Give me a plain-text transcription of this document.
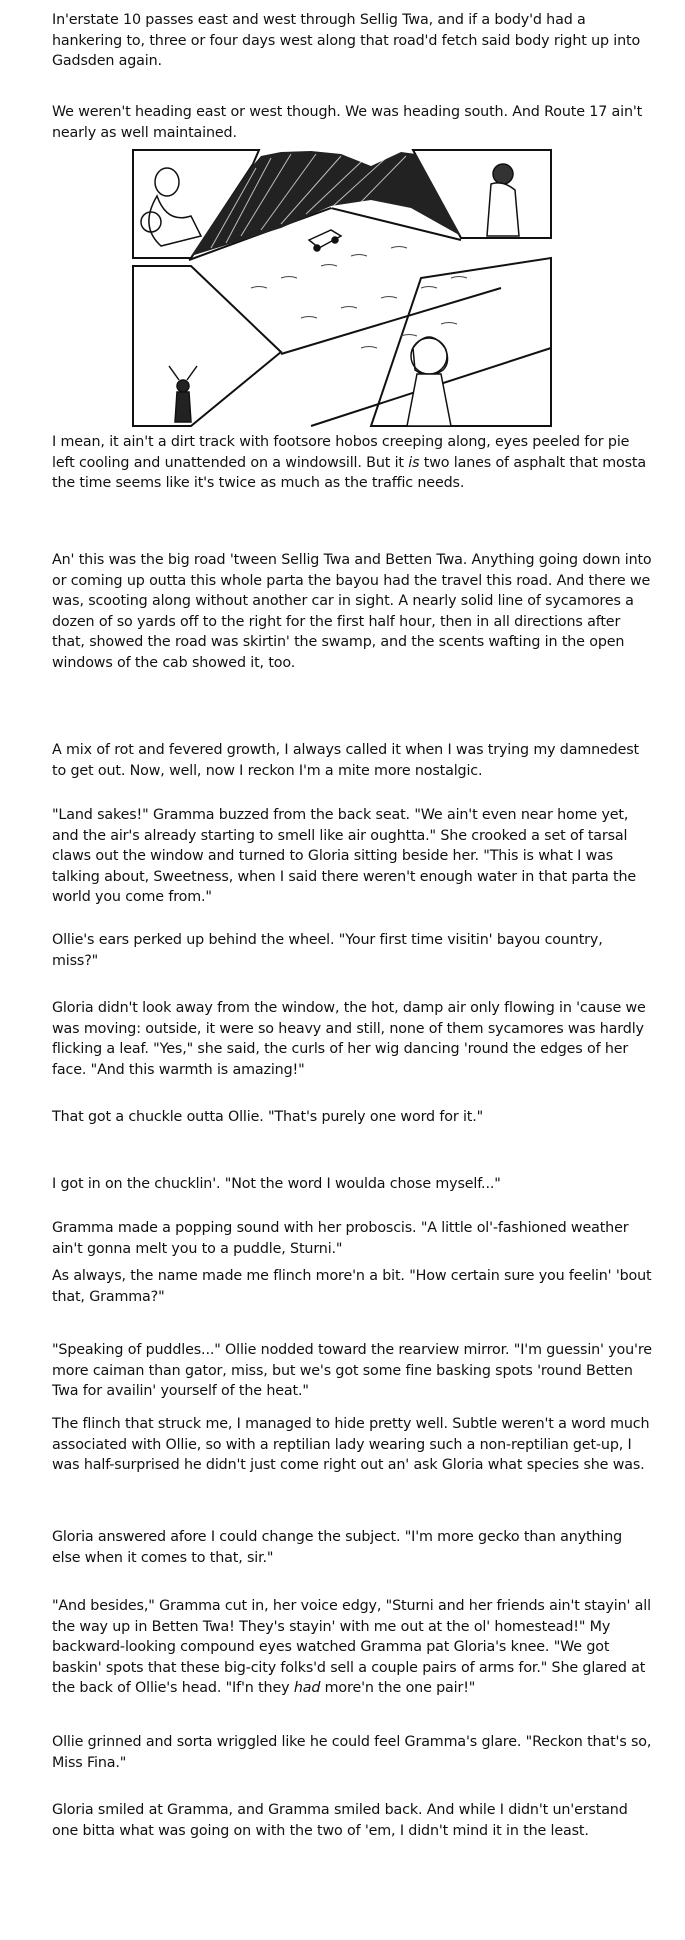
In'erstate 10 passes east and west through Sellig Twa, and if a body'd had a hankering to, three or four days west along that road'd fetch said body right up into Gadsden again.

We weren't heading east or west though. We was heading south. And Route 17 ain't nearly as well maintained.

I mean, it ain't a dirt track with footsore hobos creeping along, eyes peeled for pie left cooling and unattended on a windowsill. But it is two lanes of asphalt that mosta the time seems like it's twice as much as the traffic needs.

An' this was the big road 'tween Sellig Twa and Betten Twa. Anything going down into or coming up outta this whole parta the bayou had the travel this road. And there we was, scooting along without another car in sight. A nearly solid line of sycamores a dozen of so yards off to the right for the first half hour, then in all directions after that, showed the road was skirtin' the swamp, and the scents wafting in the open windows of the cab showed it, too.

A mix of rot and fevered growth, I always called it when I was trying my damnedest to get out. Now, well, now I reckon I'm a mite more nostalgic.

"Land sakes!" Gramma buzzed from the back seat. "We ain't even near home yet, and the air's already starting to smell like air oughtta." She crooked a set of tarsal claws out the window and turned to Gloria sitting beside her. "This is what I was talking about, Sweetness, when I said there weren't enough water in that parta the world you come from."

Ollie's ears perked up behind the wheel. "Your first time visitin' bayou country, miss?"

Gloria didn't look away from the window, the hot, damp air only flowing in 'cause we was moving: outside, it were so heavy and still, none of them sycamores was hardly flicking a leaf. "Yes," she said, the curls of her wig dancing 'round the edges of her face. "And this warmth is amazing!"

That got a chuckle outta Ollie. "That's purely one word for it."

I got in on the chucklin'. "Not the word I woulda chose myself..."

Gramma made a popping sound with her proboscis. "A little ol'-fashioned weather ain't gonna melt you to a puddle, Sturni."

As always, the name made me flinch more'n a bit. "How certain sure you feelin' 'bout that, Gramma?"

"Speaking of puddles..." Ollie nodded toward the rearview mirror. "I'm guessin' you're more caiman than gator, miss, but we's got some fine basking spots 'round Betten Twa for availin' yourself of the heat."

The flinch that struck me, I managed to hide pretty well. Subtle weren't a word much associated with Ollie, so with a reptilian lady wearing such a non-reptilian get-up, I was half-surprised he didn't just come right out an' ask Gloria what species she was.

Gloria answered afore I could change the subject. "I'm more gecko than anything else when it comes to that, sir."

"And besides," Gramma cut in, her voice edgy, "Sturni and her friends ain't stayin' all the way up in Betten Twa! They's stayin' with me out at the ol' homestead!" My backward-looking compound eyes watched Gramma pat Gloria's knee. "We got baskin' spots that these big-city folks'd sell a couple pairs of arms for." She glared at the back of Ollie's head. "If'n they had more'n the one pair!"

Ollie grinned and sorta wriggled like he could feel Gramma's glare. "Reckon that's so, Miss Fina."

Gloria smiled at Gramma, and Gramma smiled back. And while I didn't un'erstand one bitta what was going on with the two of 'em, I didn't mind it in the least.
